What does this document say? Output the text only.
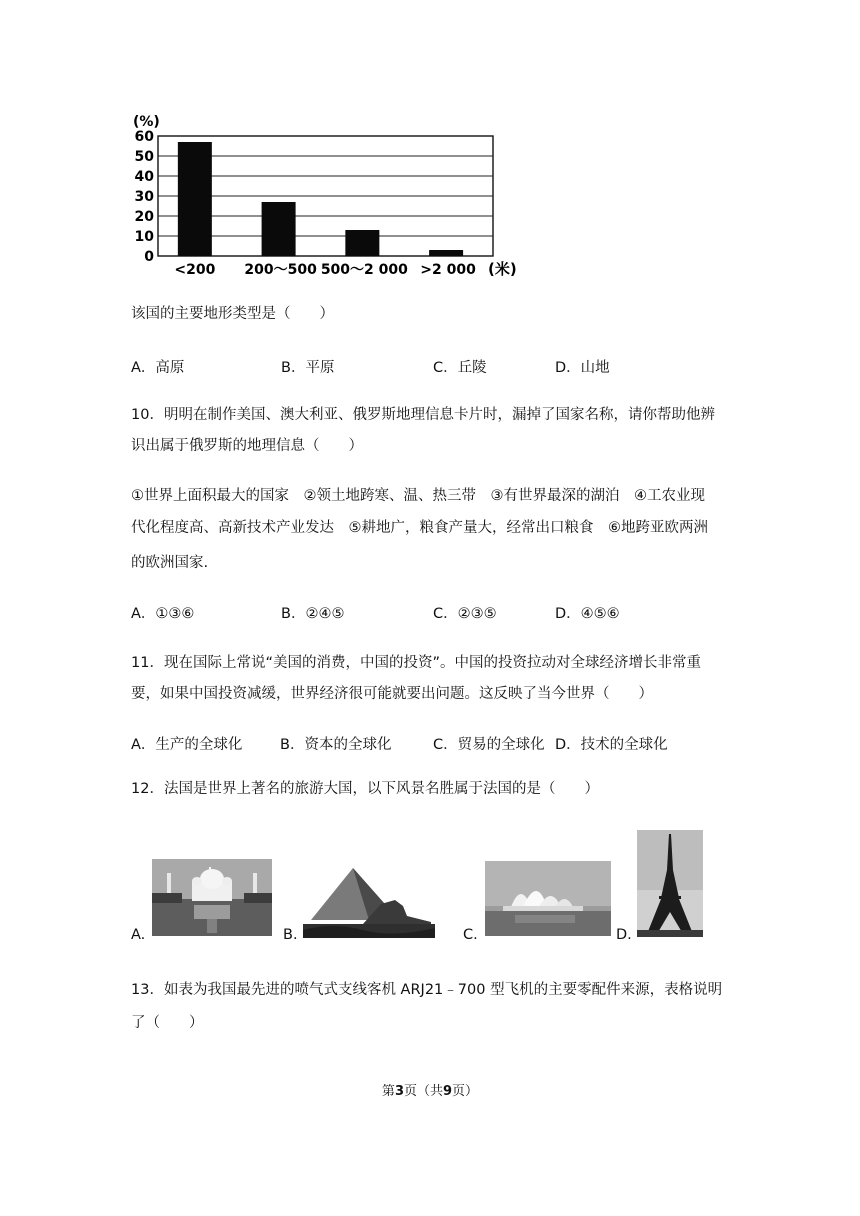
60
50
40
30
20
10
0
<200 200～500 500～2 000 >2 000
(%)
(米)
该国的主要地形类型是（　　）
A．高原	B．平原	C．丘陵	D．山地
10．明明在制作美国、澳大利亚、俄罗斯地理信息卡片时，漏掉了国家名称，请你帮助他辨
识出属于俄罗斯的地理信息（　　）
①世界上面积最大的国家　②领土地跨寒、温、热三带　③有世界最深的湖泊　④工农业现
代化程度高、高新技术产业发达　⑤耕地广，粮食产量大，经常出口粮食　⑥地跨亚欧两洲
的欧洲国家.
A．①③⑥	B．②④⑤	C．②③⑤	D．④⑤⑥
11．现在国际上常说“美国的消费，中国的投资”。中国的投资拉动对全球经济增长非常重
要，如果中国投资减缓，世界经济很可能就要出问题。这反映了当今世界（　　）
A．生产的全球化	B．资本的全球化	C．贸易的全球化 D．技术的全球化
12．法国是世界上著名的旅游大国，以下风景名胜属于法国的是（　　）
A.	B.	C.	D.
13．如表为我国最先进的喷气式支线客机 ARJ21﹣700 型飞机的主要零配件来源，表格说明
了（　　）
第3页（共9页）
